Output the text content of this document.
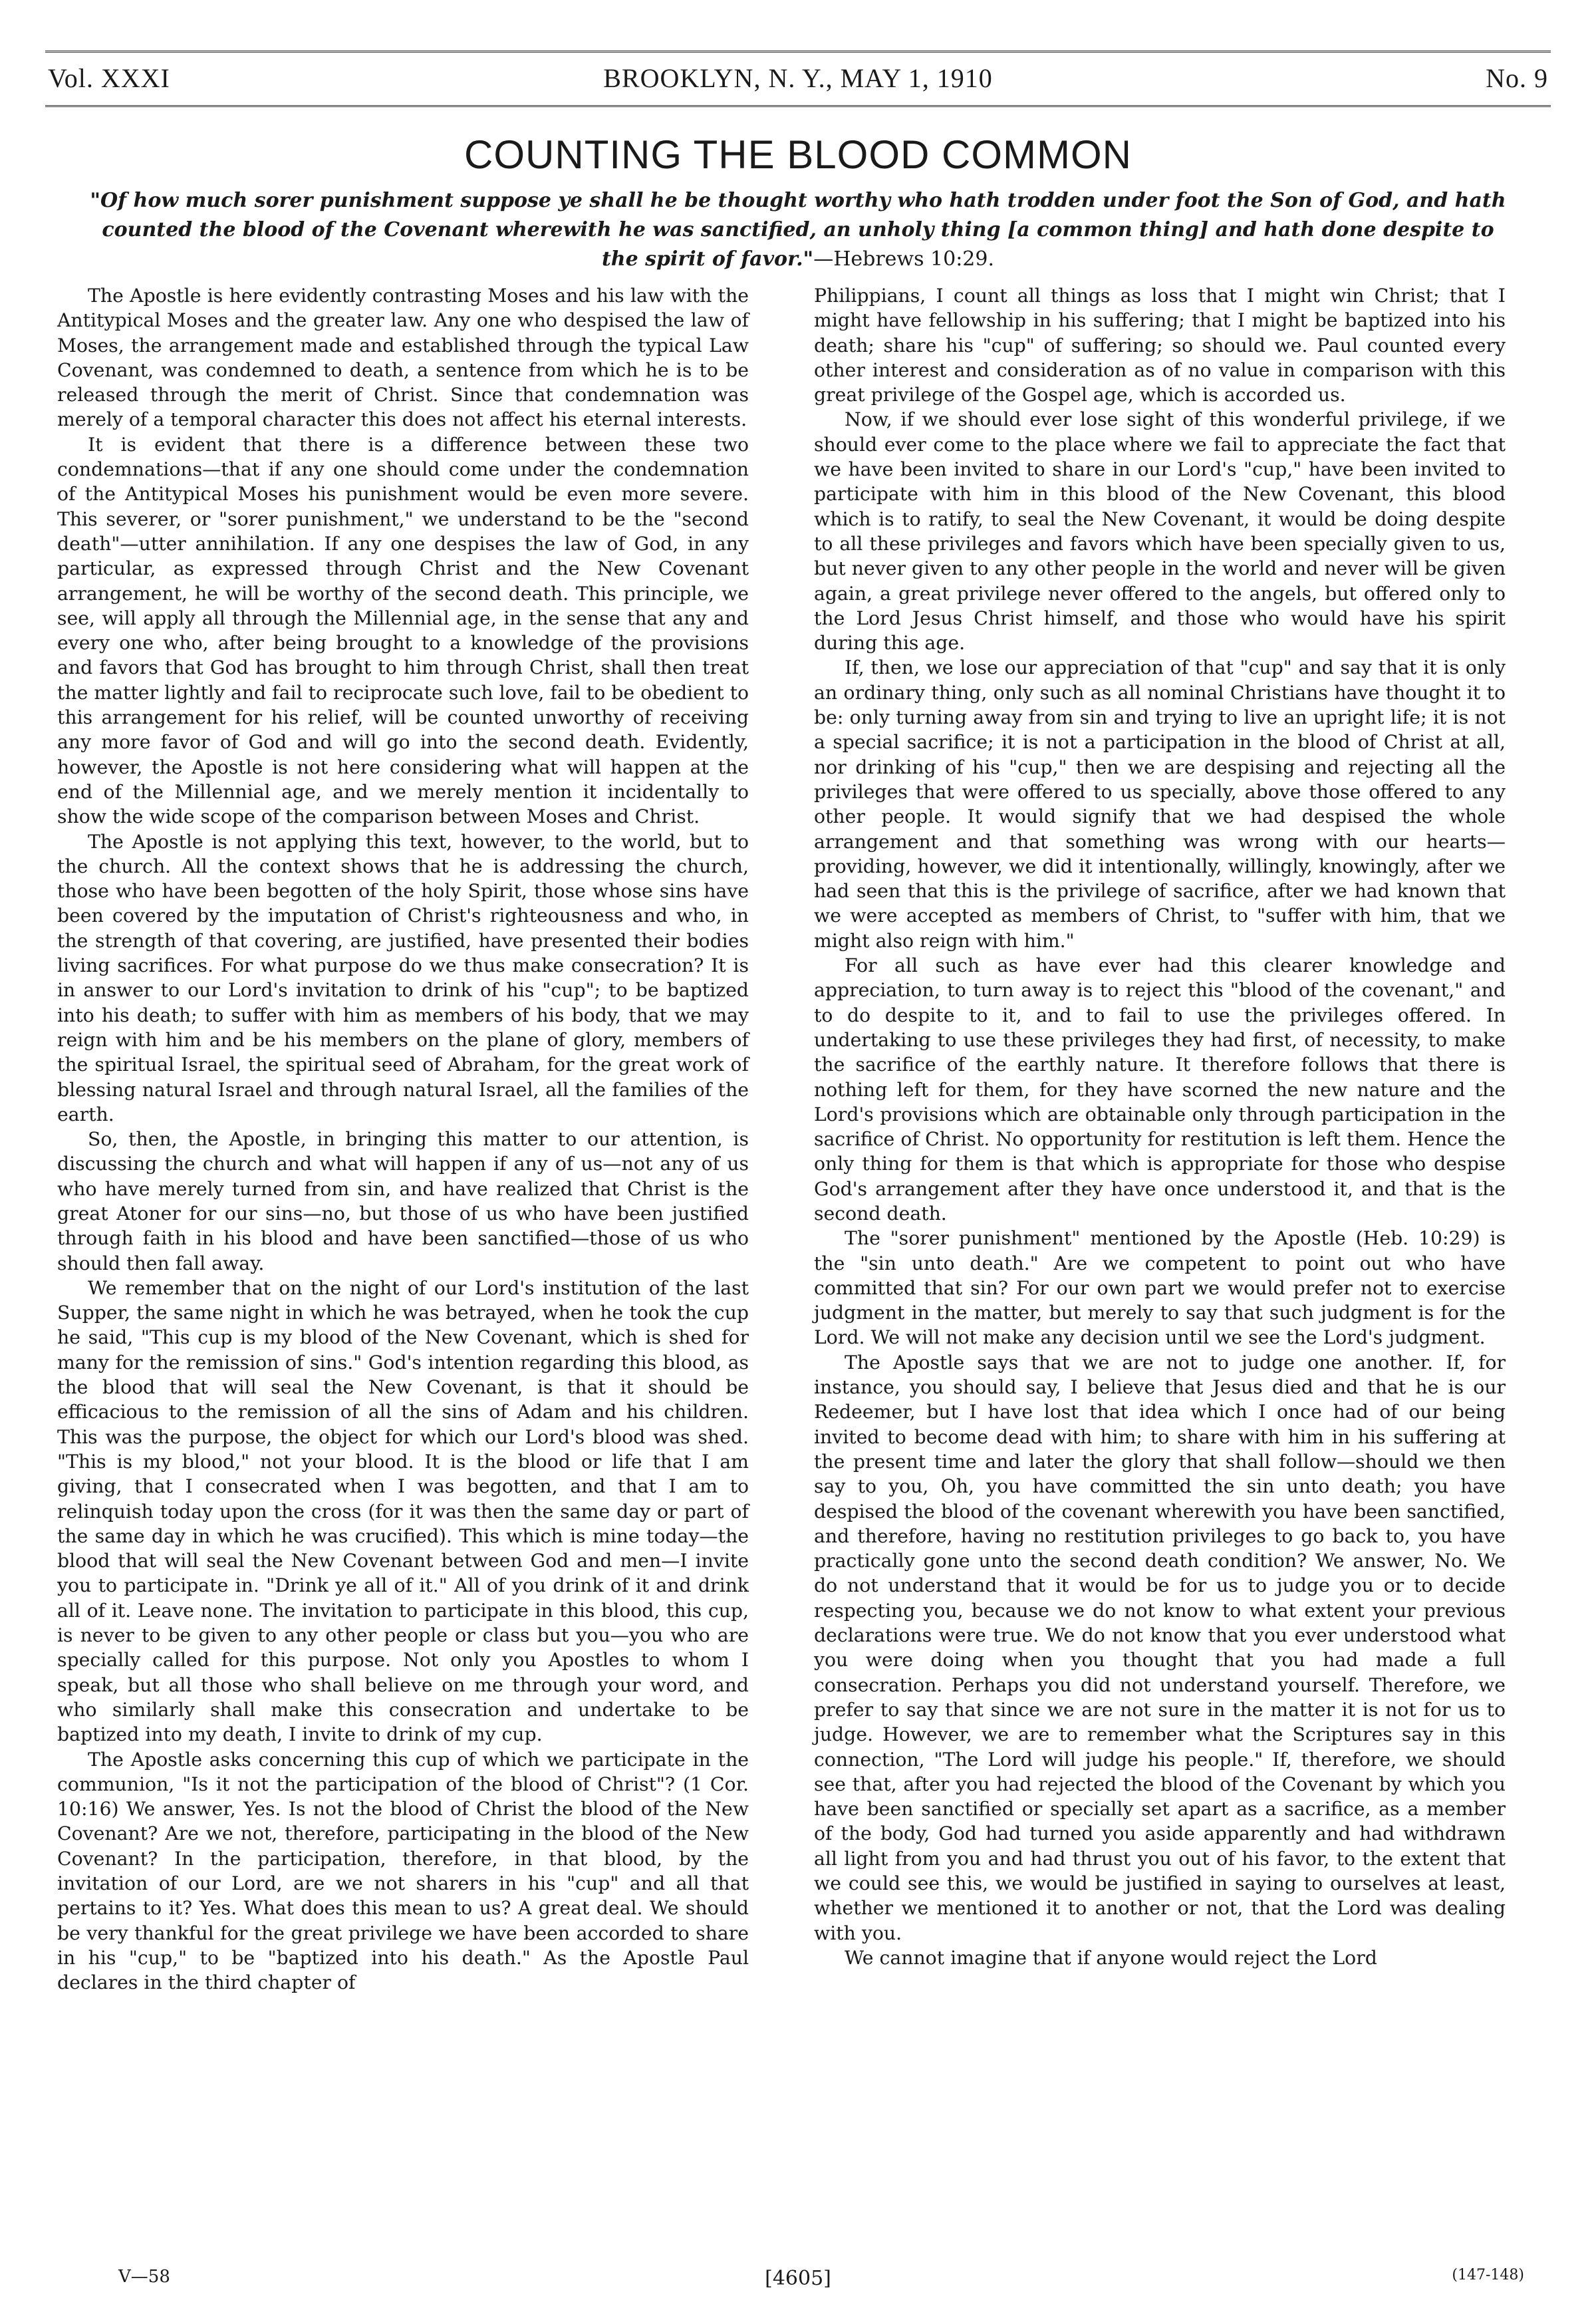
Vol. XXXI	BROOKLYN, N. Y., MAY 1, 1910	No. 9
COUNTING THE BLOOD COMMON
"Of how much sorer punishment suppose ye shall he be thought worthy who hath trodden under foot the Son of God, and hath counted the blood of the Covenant wherewith he was sanctified, an unholy thing [a common thing] and hath done despite to the spirit of favor."—Hebrews 10:29.

The Apostle is here evidently contrasting Moses and his law with the Antitypical Moses and the greater law. Any one who despised the law of Moses, the arrangement made and established through the typical Law Covenant, was condemned to death, a sentence from which he is to be released through the merit of Christ. Since that condemnation was merely of a temporal character this does not affect his eternal interests.

It is evident that there is a difference between these two condemnations—that if any one should come under the condemnation of the Antitypical Moses his punishment would be even more severe. This severer, or "sorer punishment," we understand to be the "second death"—utter annihilation. If any one despises the law of God, in any particular, as expressed through Christ and the New Covenant arrangement, he will be worthy of the second death. This principle, we see, will apply all through the Millennial age, in the sense that any and every one who, after being brought to a knowledge of the provisions and favors that God has brought to him through Christ, shall then treat the matter lightly and fail to reciprocate such love, fail to be obedient to this arrangement for his relief, will be counted unworthy of receiving any more favor of God and will go into the second death. Evidently, however, the Apostle is not here considering what will happen at the end of the Millennial age, and we merely mention it incidentally to show the wide scope of the comparison between Moses and Christ.

The Apostle is not applying this text, however, to the world, but to the church. All the context shows that he is addressing the church, those who have been begotten of the holy Spirit, those whose sins have been covered by the imputation of Christ's righteousness and who, in the strength of that covering, are justified, have presented their bodies living sacrifices. For what purpose do we thus make consecration? It is in answer to our Lord's invitation to drink of his "cup"; to be baptized into his death; to suffer with him as members of his body, that we may reign with him and be his members on the plane of glory, members of the spiritual Israel, the spiritual seed of Abraham, for the great work of blessing natural Israel and through natural Israel, all the families of the earth.

So, then, the Apostle, in bringing this matter to our attention, is discussing the church and what will happen if any of us—not any of us who have merely turned from sin, and have realized that Christ is the great Atoner for our sins—no, but those of us who have been justified through faith in his blood and have been sanctified—those of us who should then fall away.

We remember that on the night of our Lord's institution of the last Supper, the same night in which he was betrayed, when he took the cup he said, "This cup is my blood of the New Covenant, which is shed for many for the remission of sins." God's intention regarding this blood, as the blood that will seal the New Covenant, is that it should be efficacious to the remission of all the sins of Adam and his children. This was the purpose, the object for which our Lord's blood was shed. "This is my blood," not your blood. It is the blood or life that I am giving, that I consecrated when I was begotten, and that I am to relinquish today upon the cross (for it was then the same day or part of the same day in which he was crucified). This which is mine today—the blood that will seal the New Covenant between God and men—I invite you to participate in. "Drink ye all of it." All of you drink of it and drink all of it. Leave none. The invitation to participate in this blood, this cup, is never to be given to any other people or class but you—you who are specially called for this purpose. Not only you Apostles to whom I speak, but all those who shall believe on me through your word, and who similarly shall make this consecration and undertake to be baptized into my death, I invite to drink of my cup.

The Apostle asks concerning this cup of which we participate in the communion, "Is it not the participation of the blood of Christ"? (1 Cor. 10:16) We answer, Yes. Is not the blood of Christ the blood of the New Covenant? Are we not, therefore, participating in the blood of the New Covenant? In the participation, therefore, in that blood, by the invitation of our Lord, are we not sharers in his "cup" and all that pertains to it? Yes. What does this mean to us? A great deal. We should be very thankful for the great privilege we have been accorded to share in his "cup," to be "baptized into his death." As the Apostle Paul declares in the third chapter of

Philippians, I count all things as loss that I might win Christ; that I might have fellowship in his suffering; that I might be baptized into his death; share his "cup" of suffering; so should we. Paul counted every other interest and consideration as of no value in comparison with this great privilege of the Gospel age, which is accorded us.

Now, if we should ever lose sight of this wonderful privilege, if we should ever come to the place where we fail to appreciate the fact that we have been invited to share in our Lord's "cup," have been invited to participate with him in this blood of the New Covenant, this blood which is to ratify, to seal the New Covenant, it would be doing despite to all these privileges and favors which have been specially given to us, but never given to any other people in the world and never will be given again, a great privilege never offered to the angels, but offered only to the Lord Jesus Christ himself, and those who would have his spirit during this age.

If, then, we lose our appreciation of that "cup" and say that it is only an ordinary thing, only such as all nominal Christians have thought it to be: only turning away from sin and trying to live an upright life; it is not a special sacrifice; it is not a participation in the blood of Christ at all, nor drinking of his "cup," then we are despising and rejecting all the privileges that were offered to us specially, above those offered to any other people. It would signify that we had despised the whole arrangement and that something was wrong with our hearts—providing, however, we did it intentionally, willingly, knowingly, after we had seen that this is the privilege of sacrifice, after we had known that we were accepted as members of Christ, to "suffer with him, that we might also reign with him."

For all such as have ever had this clearer knowledge and appreciation, to turn away is to reject this "blood of the covenant," and to do despite to it, and to fail to use the privileges offered. In undertaking to use these privileges they had first, of necessity, to make the sacrifice of the earthly nature. It therefore follows that there is nothing left for them, for they have scorned the new nature and the Lord's provisions which are obtainable only through participation in the sacrifice of Christ. No opportunity for restitution is left them. Hence the only thing for them is that which is appropriate for those who despise God's arrangement after they have once understood it, and that is the second death.

The "sorer punishment" mentioned by the Apostle (Heb. 10:29) is the "sin unto death." Are we competent to point out who have committed that sin? For our own part we would prefer not to exercise judgment in the matter, but merely to say that such judgment is for the Lord. We will not make any decision until we see the Lord's judgment.

The Apostle says that we are not to judge one another. If, for instance, you should say, I believe that Jesus died and that he is our Redeemer, but I have lost that idea which I once had of our being invited to become dead with him; to share with him in his suffering at the present time and later the glory that shall follow—should we then say to you, Oh, you have committed the sin unto death; you have despised the blood of the covenant wherewith you have been sanctified, and therefore, having no restitution privileges to go back to, you have practically gone unto the second death condition? We answer, No. We do not understand that it would be for us to judge you or to decide respecting you, because we do not know to what extent your previous declarations were true. We do not know that you ever understood what you were doing when you thought that you had made a full consecration. Perhaps you did not understand yourself. Therefore, we prefer to say that since we are not sure in the matter it is not for us to judge. However, we are to remember what the Scriptures say in this connection, "The Lord will judge his people." If, therefore, we should see that, after you had rejected the blood of the Covenant by which you have been sanctified or specially set apart as a sacrifice, as a member of the body, God had turned you aside apparently and had withdrawn all light from you and had thrust you out of his favor, to the extent that we could see this, we would be justified in saying to ourselves at least, whether we mentioned it to another or not, that the Lord was dealing with you.

We cannot imagine that if anyone would reject the Lord

V—58	[4605]	(147-148)
